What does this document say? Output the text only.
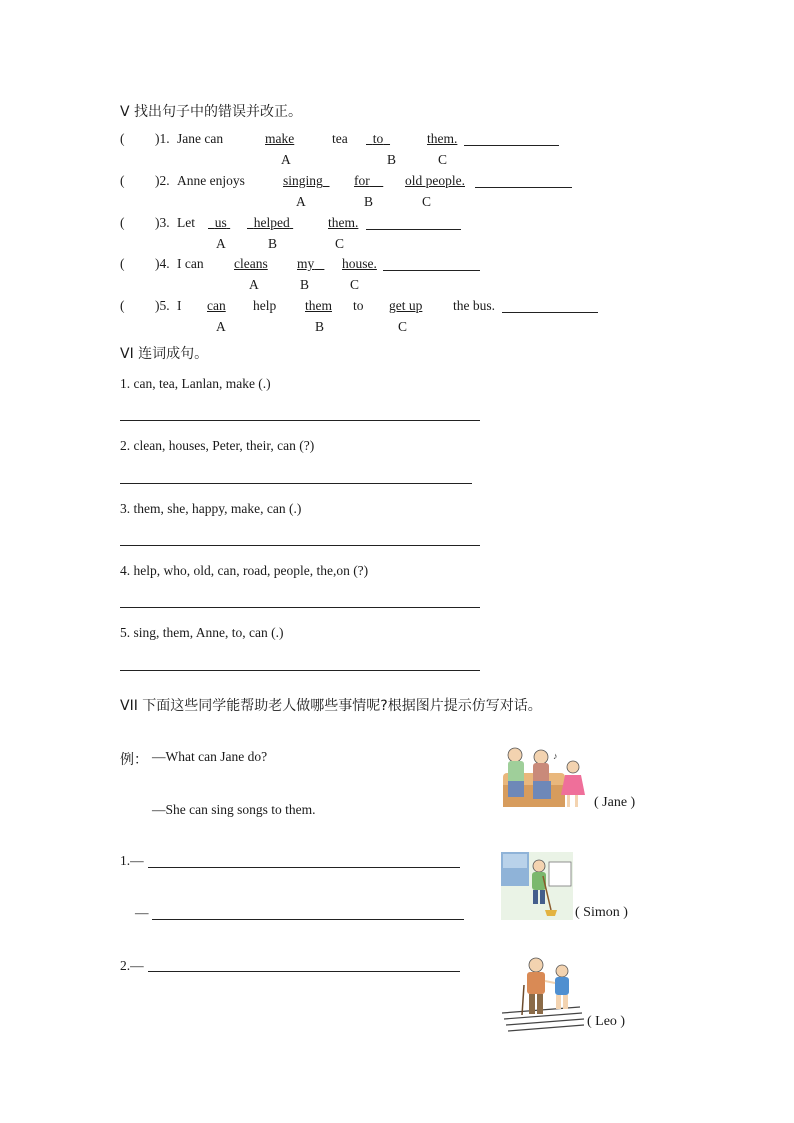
V 找出句子中的错误并改正。
( )1. Jane can	make	tea	to	them.
A	B	C
( )2. Anne enjoys	singing	for	old people.
A	B	C
( )3. Let	us	helped	them.
A	B	C
( )4. I can cleans my	house.
A	B	C
( )5. I can help them to get up the bus.
A	B	C
VI 连词成句。
1. can, tea, Lanlan, make (.)
2. clean, houses, Peter, their, can (?)
3. them, she, happy, make, can (.)
4. help, who, old, can, road, people, the,on (?)
5. sing, them, Anne, to, can (.)
VII 下面这些同学能帮助老人做哪些事情呢?根据图片提示仿写对话。
例： —What can Jane do?
—She can sing songs to them.
1.—
—
2.—
♪
( Jane )
( Simon )
( Leo )
